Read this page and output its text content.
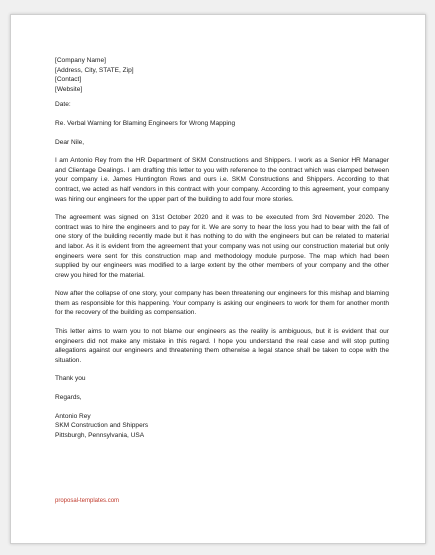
[Company Name]
[Address, City, STATE, Zip]
[Contact]
[Website]
Date:
Re. Verbal Warning for Blaming Engineers for Wrong Mapping
Dear Nile,

I am Antonio Rey from the HR Department of SKM Constructions and Shippers. I work as a Senior HR Manager and Clientage Dealings. I am drafting this letter to you with reference to the contract which was clamped between your company i.e. James Huntington Rows and ours i.e. SKM Constructions and Shippers. According to that contract, we acted as half vendors in this contract with your company. According to this agreement, your company was hiring our engineers for the upper part of the building to add four more stories.

The agreement was signed on 31st October 2020 and it was to be executed from 3rd November 2020. The contract was to hire the engineers and to pay for it. We are sorry to hear the loss you had to bear with the fall of one story of the building recently made but it has nothing to do with the engineers but can be related to material and labor. As it is evident from the agreement that your company was not using our construction material but only engineers were sent for this construction map and methodology module purpose. The map which had been supplied by our engineers was modified to a large extent by the other members of your company and the other crew you hired for the material.

Now after the collapse of one story, your company has been threatening our engineers for this mishap and blaming them as responsible for this happening. Your company is asking our engineers to work for them for another month for the recovery of the building as compensation.

This letter aims to warn you to not blame our engineers as the reality is ambiguous, but it is evident that our engineers did not make any mistake in this regard. I hope you understand the real case and will stop putting allegations against our engineers and threatening them otherwise a legal stance shall be taken to cope with the situation.

Thank you
Regards,
Antonio Rey
SKM Construction and Shippers
Pittsburgh, Pennsylvania, USA
proposal-templates.com
